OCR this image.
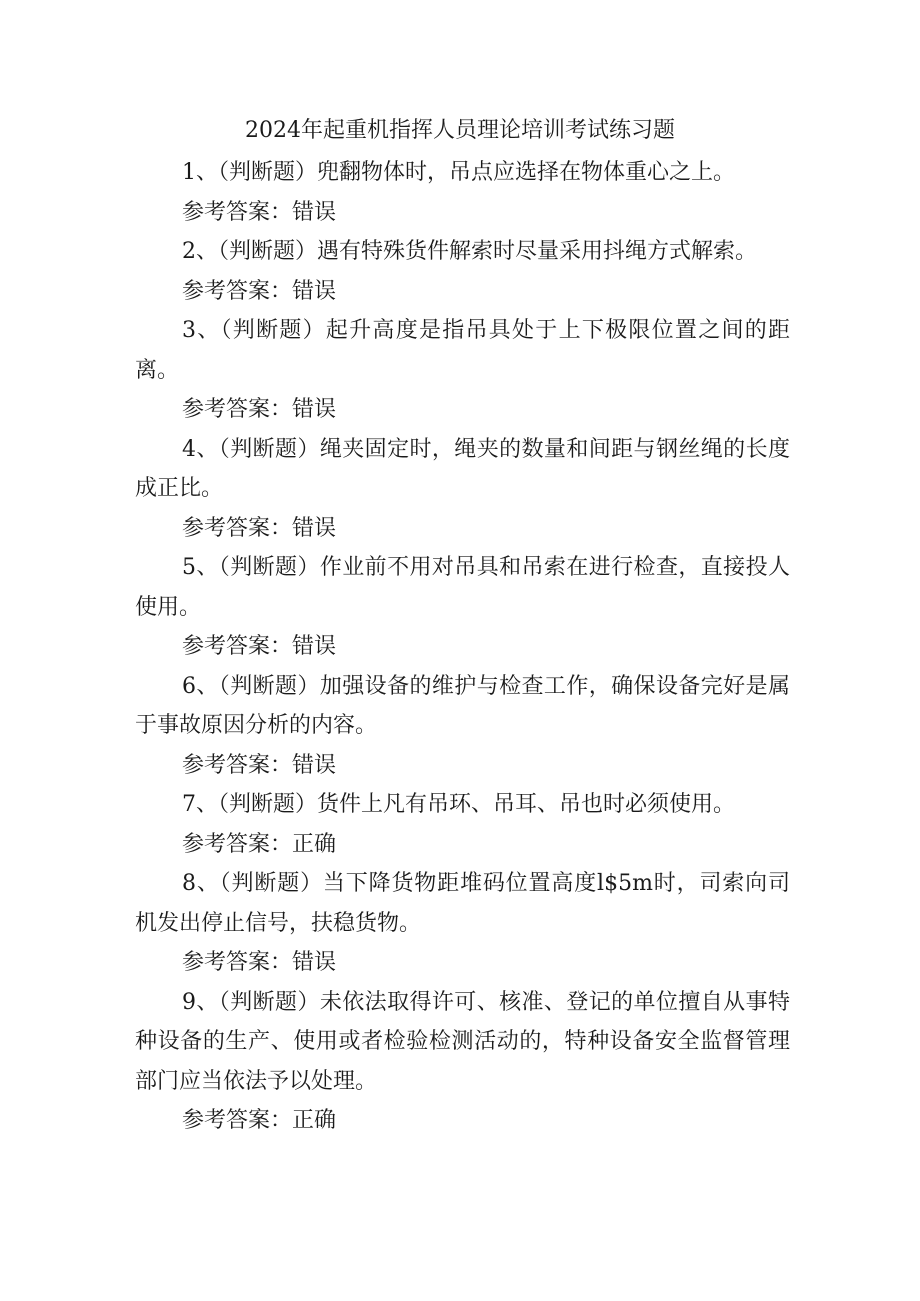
2024年起重机指挥人员理论培训考试练习题

1、（判断题）兜翻物体时，吊点应选择在物体重心之上。

参考答案：错误

2、（判断题）遇有特殊货件解索时尽量采用抖绳方式解索。

参考答案：错误

3、（判断题）起升高度是指吊具处于上下极限位置之间的距离。

参考答案：错误

4、（判断题）绳夹固定时，绳夹的数量和间距与钢丝绳的长度成正比。

参考答案：错误

5、（判断题）作业前不用对吊具和吊索在进行检查，直接投人使用。

参考答案：错误

6、（判断题）加强设备的维护与检查工作，确保设备完好是属于事故原因分析的内容。

参考答案：错误

7、（判断题）货件上凡有吊环、吊耳、吊也时必须使用。

参考答案：正确

8、（判断题）当下降货物距堆码位置高度l$5m时，司索向司机发出停止信号，扶稳货物。

参考答案：错误

9、（判断题）未依法取得许可、核准、登记的单位擅自从事特种设备的生产、使用或者检验检测活动的，特种设备安全监督管理部门应当依法予以处理。

参考答案：正确
